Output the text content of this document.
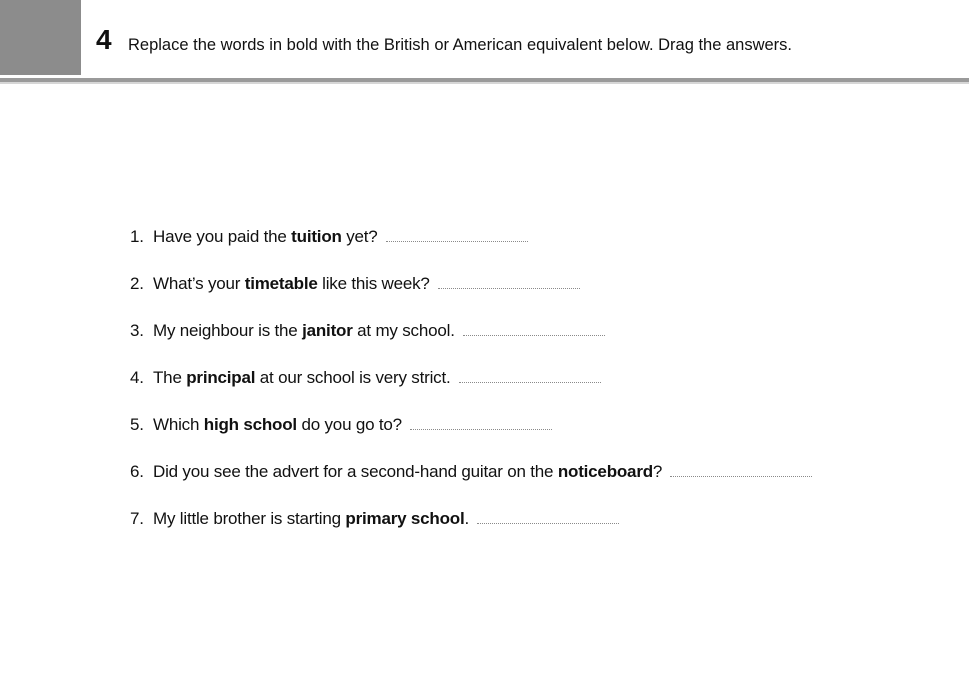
4 Replace the words in bold with the British or American equivalent below. Drag the answers.
1. Have you paid the tuition yet?
2. What’s your timetable like this week?
3. My neighbour is the janitor at my school.
4. The principal at our school is very strict.
5. Which high school do you go to?
6. Did you see the advert for a second-hand guitar on the noticeboard?
7. My little brother is starting primary school.
